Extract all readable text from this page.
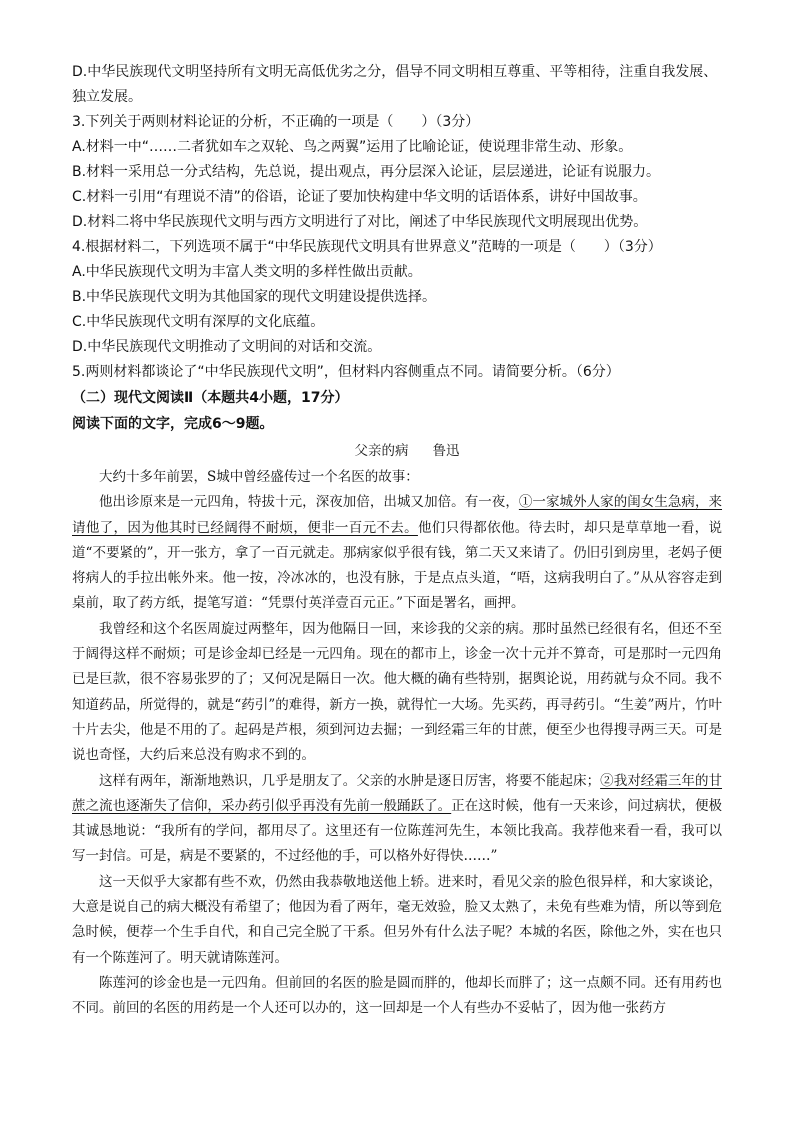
D.中华民族现代文明坚持所有文明无高低优劣之分，倡导不同文明相互尊重、平等相待，注重自我发展、
独立发展。
3.下列关于两则材料论证的分析，不正确的一项是（　　）（3分）
A.材料一中“……二者犹如车之双轮、鸟之两翼”运用了比喻论证，使说理非常生动、形象。
B.材料一采用总一分式结构，先总说，提出观点，再分层深入论证，层层递进，论证有说服力。
C.材料一引用“有理说不清”的俗语，论证了要加快构建中华文明的话语体系，讲好中国故事。
D.材料二将中华民族现代文明与西方文明进行了对比，阐述了中华民族现代文明展现出优势。
4.根据材料二，下列选项不属于“中华民族现代文明具有世界意义”范畴的一项是（　　）（3分）
A.中华民族现代文明为丰富人类文明的多样性做出贡献。
B.中华民族现代文明为其他国家的现代文明建设提供选择。
C.中华民族现代文明有深厚的文化底蕴。
D.中华民族现代文明推动了文明间的对话和交流。
5.两则材料都谈论了“中华民族现代文明”，但材料内容侧重点不同。请简要分析。（6分）
（二）现代文阅读Ⅱ（本题共4小题，17分）
阅读下面的文字，完成6～9题。
父亲的病 鲁迅
大约十多年前罢，S城中曾经盛传过一个名医的故事：
他出诊原来是一元四角，特拔十元，深夜加倍，出城又加倍。有一夜，①一家城外人家的闺女生急病，来请他了，因为他其时已经阔得不耐烦，便非一百元不去。他们只得都依他。待去时，却只是草草地一看，说道“不要紧的”，开一张方，拿了一百元就走。那病家似乎很有钱，第二天又来请了。仍旧引到房里，老妈子便将病人的手拉出帐外来。他一按，冷冰冰的，也没有脉，于是点点头道，“唔，这病我明白了。”从从容容走到桌前，取了药方纸，提笔写道：“凭票付英洋壹百元正。”下面是署名，画押。
我曾经和这个名医周旋过两整年，因为他隔日一回，来诊我的父亲的病。那时虽然已经很有名，但还不至于阔得这样不耐烦；可是诊金却已经是一元四角。现在的都市上，诊金一次十元并不算奇，可是那时一元四角已是巨款，很不容易张罗的了；又何况是隔日一次。他大概的确有些特别，据舆论说，用药就与众不同。我不知道药品，所觉得的，就是“药引”的难得，新方一换，就得忙一大场。先买药，再寻药引。“生姜”两片，竹叶十片去尖，他是不用的了。起码是芦根，须到河边去掘；一到经霜三年的甘蔗，便至少也得搜寻两三天。可是说也奇怪，大约后来总没有购求不到的。
这样有两年，渐渐地熟识，几乎是朋友了。父亲的水肿是逐日厉害，将要不能起床；②我对经霜三年的甘蔗之流也逐渐失了信仰，采办药引似乎再没有先前一般踊跃了。正在这时候，他有一天来诊，问过病状，便极其诚恳地说：“我所有的学问，都用尽了。这里还有一位陈莲河先生，本领比我高。我荐他来看一看，我可以写一封信。可是，病是不要紧的，不过经他的手，可以格外好得快……”
这一天似乎大家都有些不欢，仍然由我恭敬地送他上轿。进来时，看见父亲的脸色很异样，和大家谈论，大意是说自己的病大概没有希望了；他因为看了两年，毫无效验，脸又太熟了，未免有些难为情，所以等到危急时候，便荐一个生手自代，和自己完全脱了干系。但另外有什么法子呢？本城的名医，除他之外，实在也只有一个陈莲河了。明天就请陈莲河。
陈莲河的诊金也是一元四角。但前回的名医的脸是圆而胖的，他却长而胖了；这一点颇不同。还有用药也不同。前回的名医的用药是一个人还可以办的，这一回却是一个人有些办不妥帖了，因为他一张药方
